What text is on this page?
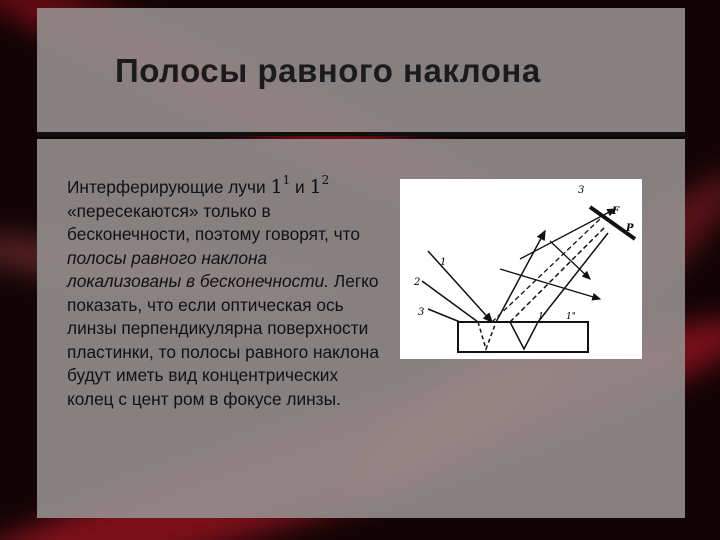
Полосы равного наклона
Интерферирующие лучи $1^1$ и $1^2$ «пересекаются» только в бесконечности, поэтому говорят, что полосы равного наклона локализованы в бесконечности. Легко показать, что если оптическая ось линзы перпендикулярна поверхности пластинки, то полосы равного наклона будут иметь вид концентрических колец с цент ром в фокусе линзы.
3
F
P
1
2
3	1' 1"
